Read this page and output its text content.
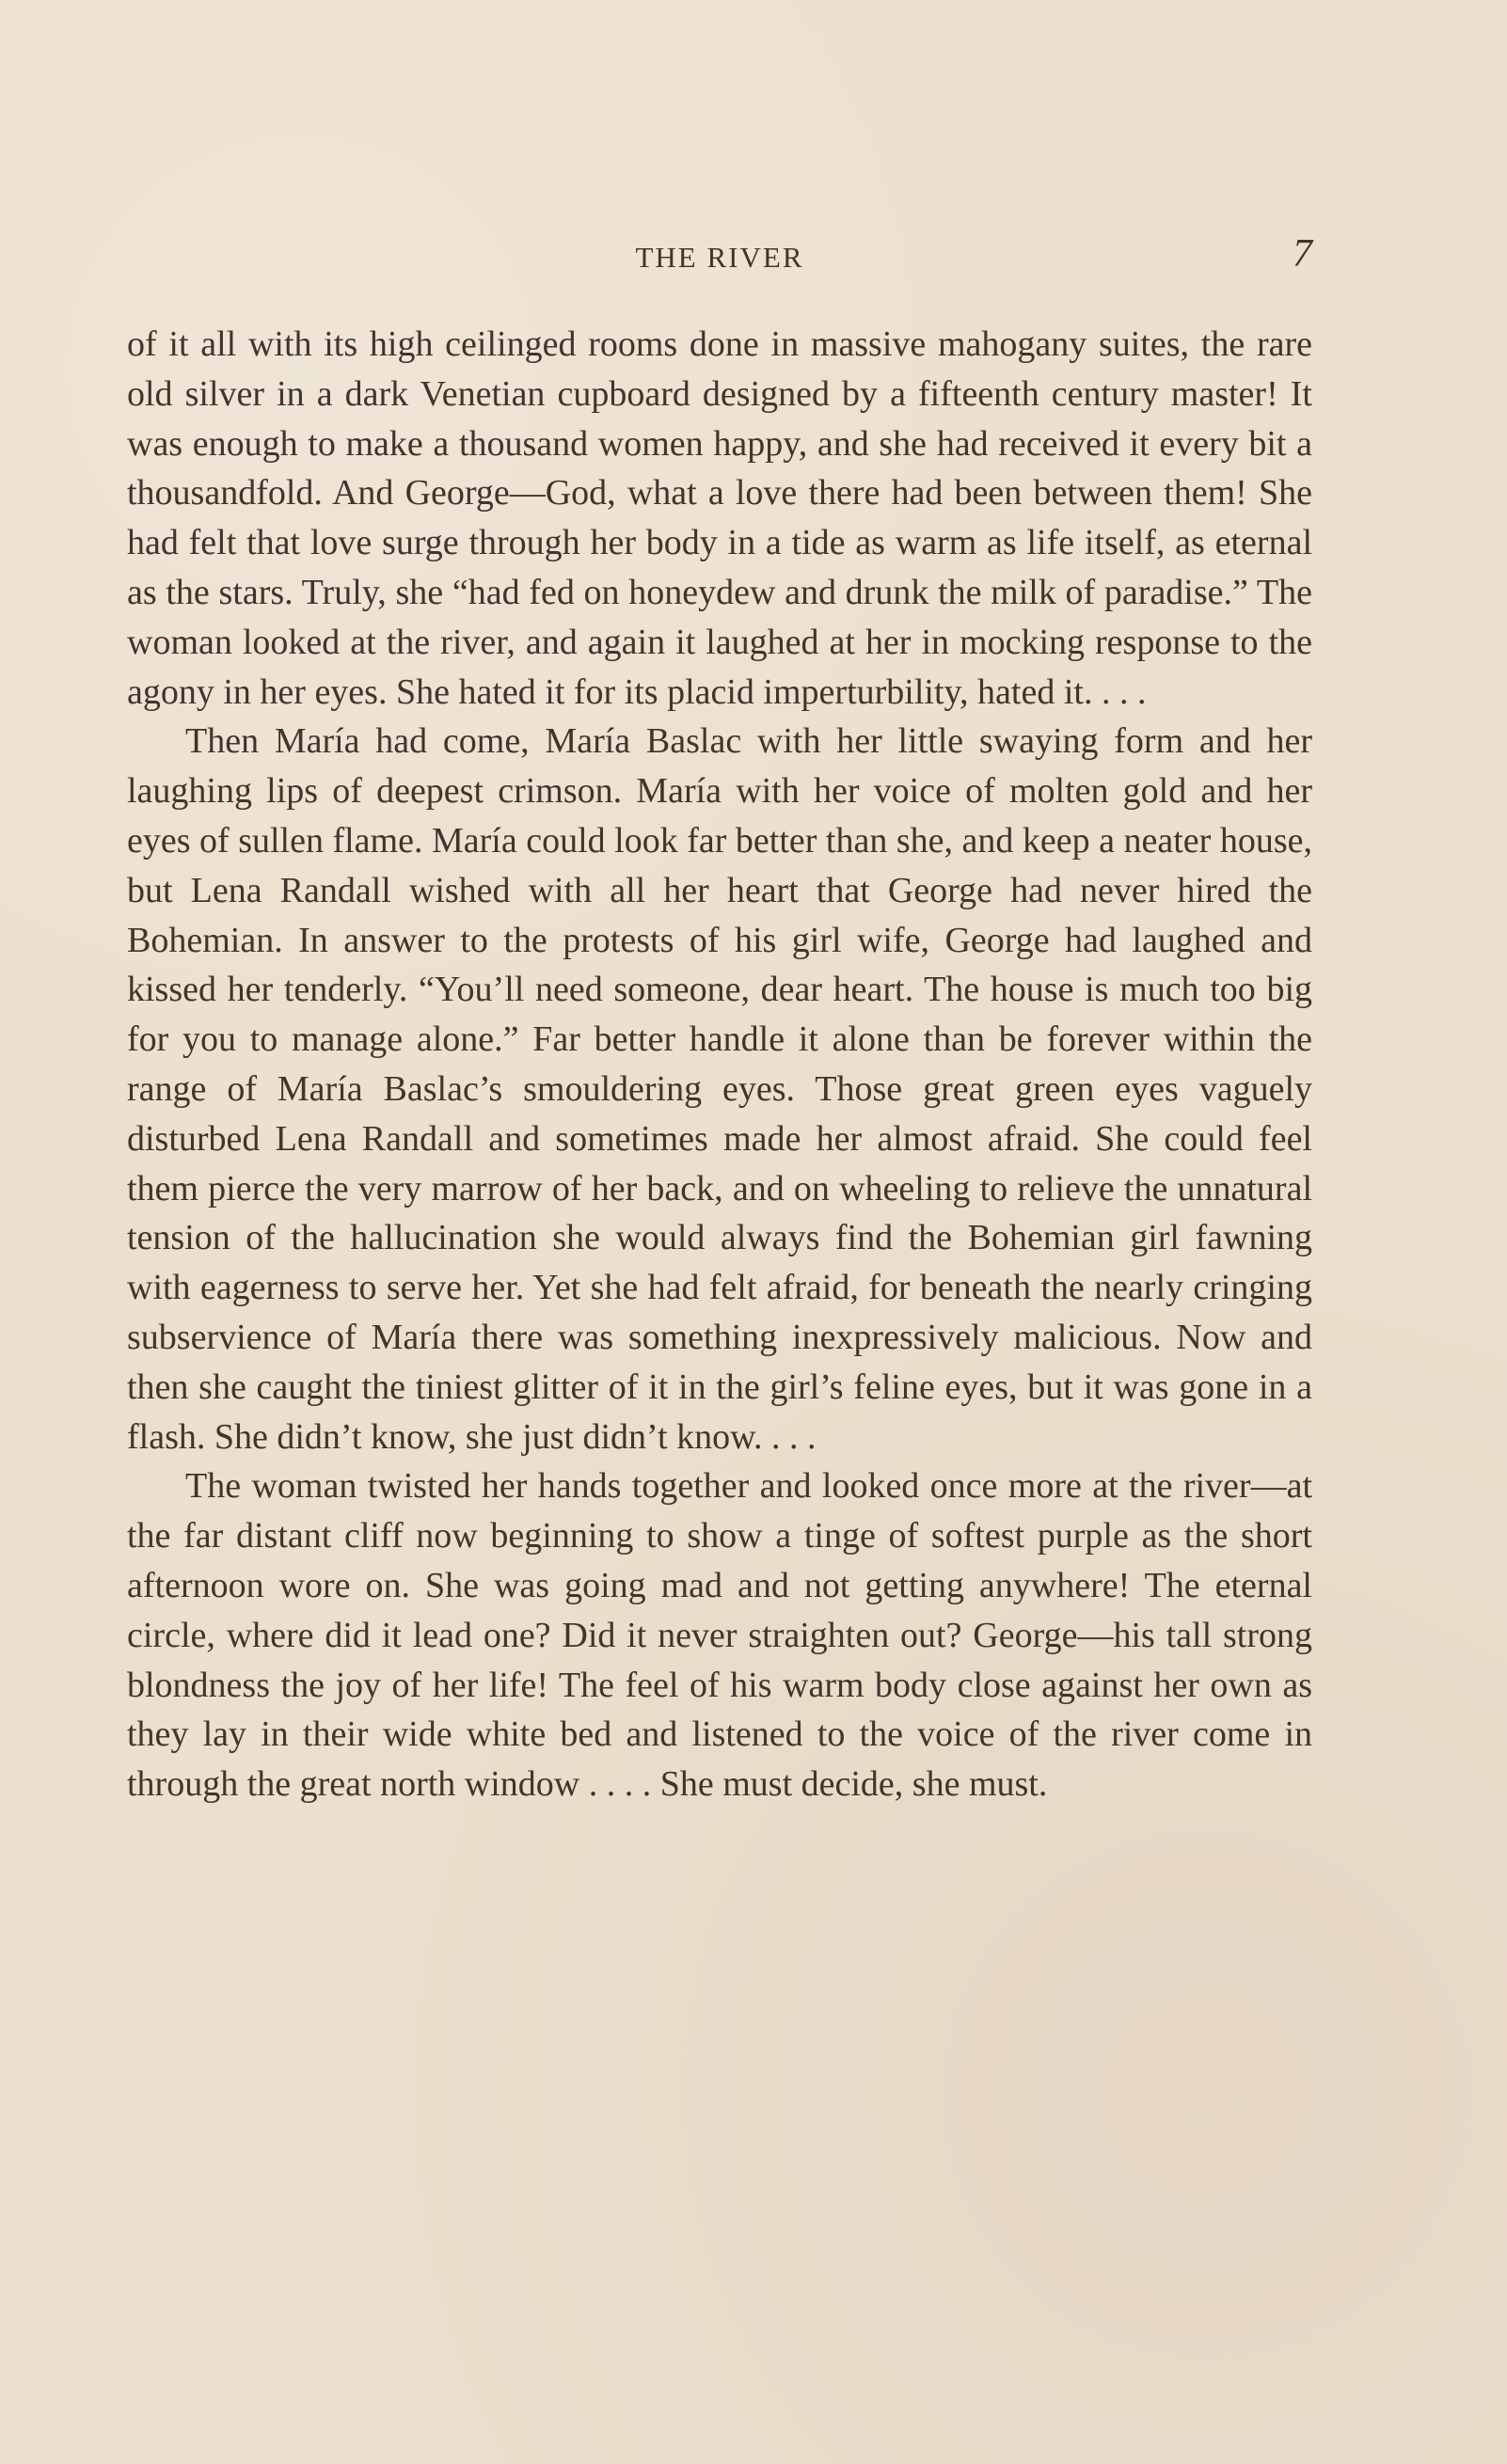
THE RIVER	7

of it all with its high ceilinged rooms done in massive mahogany suites, the rare old silver in a dark Venetian cupboard designed by a fifteenth century master! It was enough to make a thousand women happy, and she had received it every bit a thousandfold. And George—God, what a love there had been between them! She had felt that love surge through her body in a tide as warm as life itself, as eternal as the stars. Truly, she “had fed on honeydew and drunk the milk of paradise.” The woman looked at the river, and again it laughed at her in mocking response to the agony in her eyes. She hated it for its placid imperturbility, hated it. . . .

Then María had come, María Baslac with her little swaying form and her laughing lips of deepest crimson. María with her voice of molten gold and her eyes of sullen flame. María could look far better than she, and keep a neater house, but Lena Randall wished with all her heart that George had never hired the Bohemian. In answer to the protests of his girl wife, George had laughed and kissed her tenderly. “You’ll need someone, dear heart. The house is much too big for you to manage alone.” Far better handle it alone than be forever within the range of María Baslac’s smouldering eyes. Those great green eyes vaguely disturbed Lena Randall and sometimes made her almost afraid. She could feel them pierce the very marrow of her back, and on wheeling to relieve the unnatural tension of the hallucination she would always find the Bohemian girl fawning with eagerness to serve her. Yet she had felt afraid, for beneath the nearly cringing subservience of María there was something inexpressively malicious. Now and then she caught the tiniest glitter of it in the girl’s feline eyes, but it was gone in a flash. She didn’t know, she just didn’t know. . . .

The woman twisted her hands together and looked once more at the river—at the far distant cliff now beginning to show a tinge of softest purple as the short afternoon wore on. She was going mad and not getting anywhere! The eternal circle, where did it lead one? Did it never straighten out? George—his tall strong blondness the joy of her life! The feel of his warm body close against her own as they lay in their wide white bed and listened to the voice of the river come in through the great north window . . . . She must decide, she must.
